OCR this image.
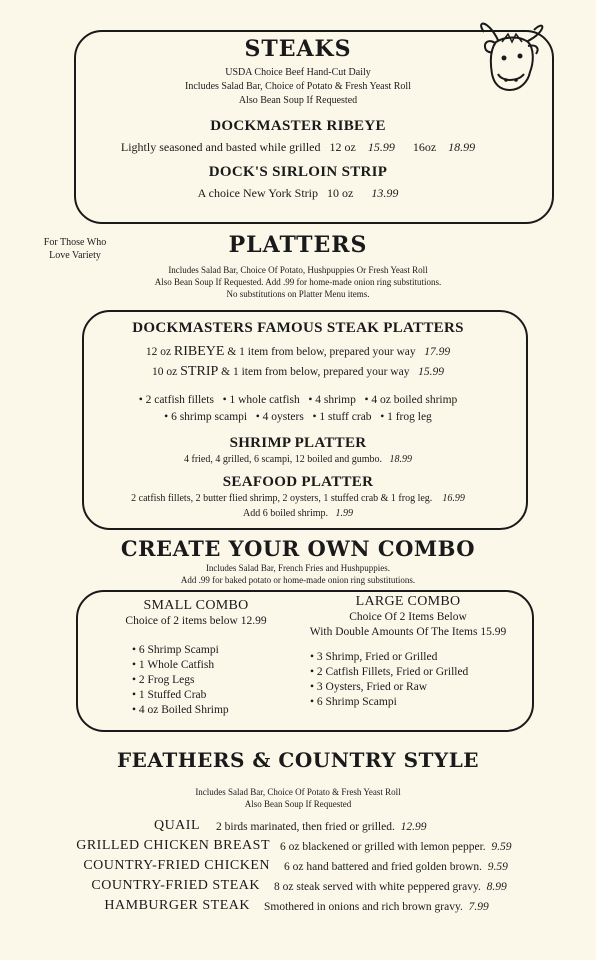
STEAKS
USDA Choice Beef Hand-Cut Daily
Includes Salad Bar, Choice of Potato & Fresh Yeast Roll
Also Bean Soup If Requested
DOCKMASTER RIBEYE
Lightly seasoned and basted while grilled 12 oz 15.99 16oz 18.99
DOCK'S SIRLOIN STRIP
A choice New York Strip 10 oz 13.99
For Those Who
Love Variety	PLATTERS
Includes Salad Bar, Choice Of Potato, Hushpuppies Or Fresh Yeast Roll
Also Bean Soup If Requested. Add .99 for home-made onion ring substitutions.
No substitutions on Platter Menu items.
DOCKMASTERS FAMOUS STEAK PLATTERS
12 oz RIBEYE & 1 item from below, prepared your way 17.99
10 oz STRIP & 1 item from below, prepared your way 15.99
• 2 catfish fillets   • 1 whole catfish   • 4 shrimp   • 4 oz boiled shrimp
• 6 shrimp scampi   • 4 oysters   • 1 stuff crab   • 1 frog leg
SHRIMP PLATTER
4 fried, 4 grilled, 6 scampi, 12 boiled and gumbo. 18.99
SEAFOOD PLATTER
2 catfish fillets, 2 butter flied shrimp, 2 oysters, 1 stuffed crab & 1 frog leg. 16.99
Add 6 boiled shrimp. 1.99
CREATE YOUR OWN COMBO
Includes Salad Bar, French Fries and Hushpuppies.
Add .99 for baked potato or home-made onion ring substitutions.
SMALL COMBO
Choice of 2 items below 12.99
• 6 Shrimp Scampi
• 1 Whole Catfish
• 2 Frog Legs
• 1 Stuffed Crab
• 4 oz Boiled Shrimp
LARGE COMBO
Choice Of 2 Items Below
With Double Amounts Of The Items 15.99
• 3 Shrimp, Fried or Grilled
• 2 Catfish Fillets, Fried or Grilled
• 3 Oysters, Fried or Raw
• 6 Shrimp Scampi
FEATHERS & COUNTRY STYLE
Includes Salad Bar, Choice Of Potato & Fresh Yeast Roll
Also Bean Soup If Requested
QUAIL 2 birds marinated, then fried or grilled. 12.99
GRILLED CHICKEN BREAST 6 oz blackened or grilled with lemon pepper. 9.59
COUNTRY-FRIED CHICKEN 6 oz hand battered and fried golden brown. 9.59
COUNTRY-FRIED STEAK 8 oz steak served with white peppered gravy. 8.99
HAMBURGER STEAK Smothered in onions and rich brown gravy. 7.99
